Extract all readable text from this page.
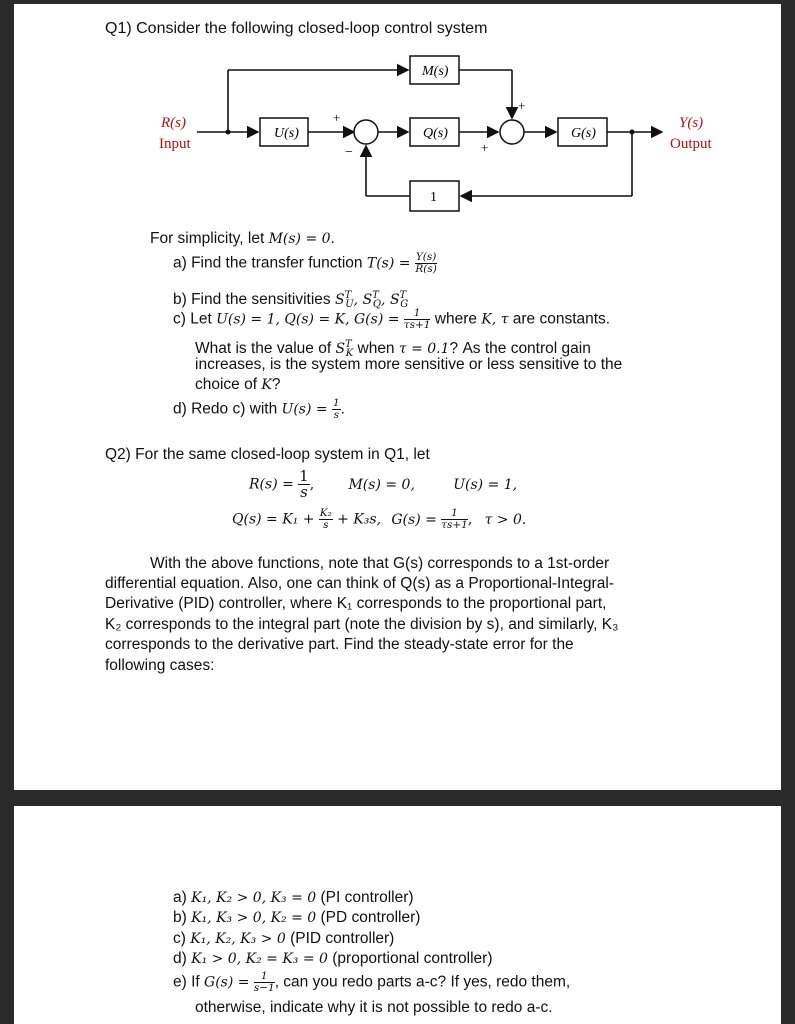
Q1) Consider the following closed-loop control system
R(s)
Input
U(s)
+
−
Q(s)
M(s)
+
+
G(s)
Y(s)
Output
1
For simplicity, let M(s) = 0.
a) Find the transfer function $T(s) = \frac{Y(s)}{R(s)}$
b) Find the sensitivities $S^T_U$, $S^T_Q$, $S^T_G$
c) Let U(s) = 1, Q(s) = K, $G(s) = \frac{1}{\tau s+1}$ where K, τ are constants.
What is the value of $S^T_K$ when τ = 0.1? As the control gain
increases, is the system more sensitive or less sensitive to the
choice of K?
d) Redo c) with $U(s) = \frac{1}{s}$ .
Q2) For the same closed-loop system in Q1, let
$R(s) = \frac{1}{s}$ , M(s) = 0,	U(s) = 1,
$Q(s) = K_1 + \frac{\text{K₂}}{s} + K_3s$, $G(s) = \frac{1}{\tau s+1}$ , τ > 0.
With the above functions, note that G(s) corresponds to a 1st-order
differential equation. Also, one can think of Q(s) as a Proportional-Integral-
Derivative (PID) controller, where K₁ corresponds to the proportional part,
K₂ corresponds to the integral part (note the division by s), and similarly, K₃
corresponds to the derivative part. Find the steady-state error for the
following cases:
a) K₁, K₂ > 0, K₃ = 0 (PI controller)
b) K₁, K₃ > 0, K₂ = 0 (PD controller)
c) K₁, K₂, K₃ > 0 (PID controller)
d) K₁ > 0, K₂ = K₃ = 0 (proportional controller)
e) If $G(s) = \frac{1}{s-1}$ , can you redo parts a-c? If yes, redo them,
otherwise, indicate why it is not possible to redo a-c.
